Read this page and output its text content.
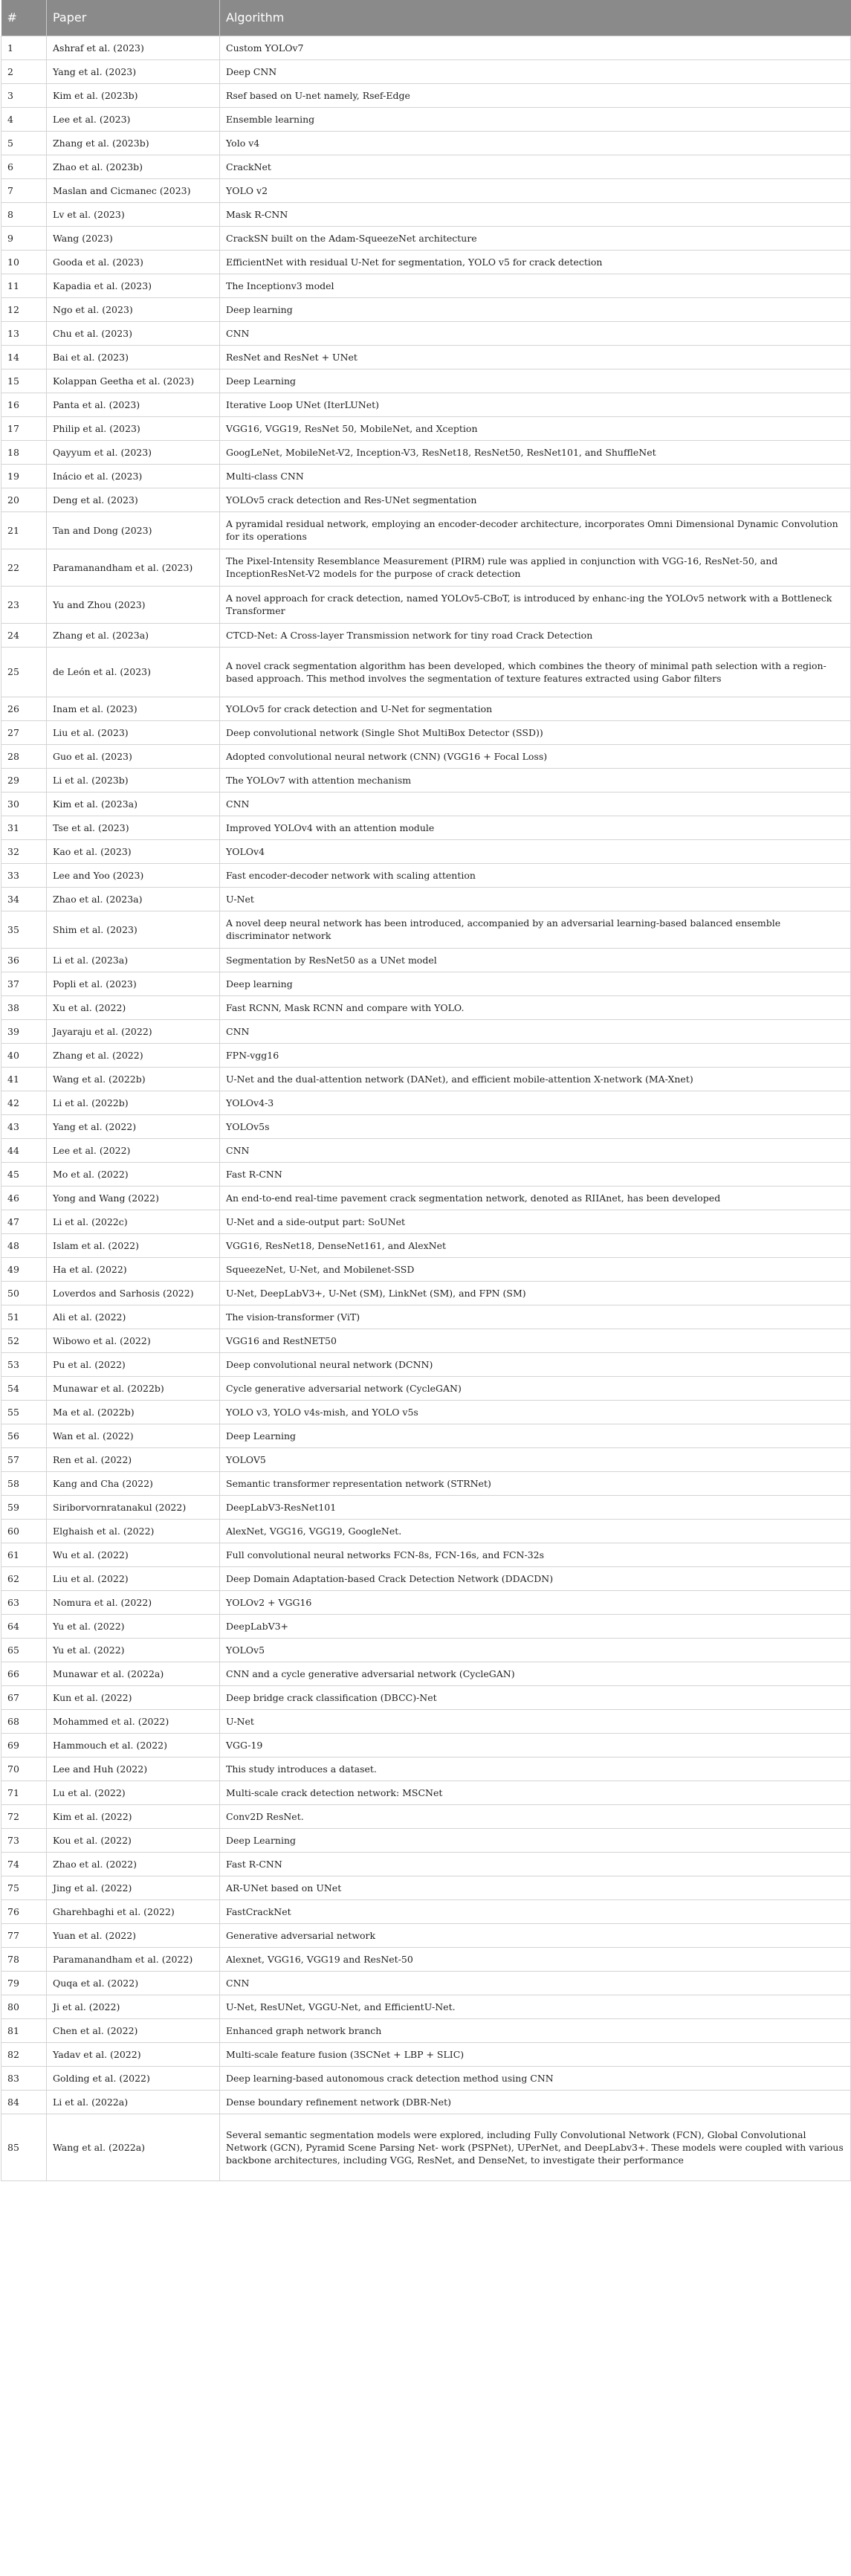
#	Paper	Algorithm
1	Ashraf et al. (2023)	Custom YOLOv7
2	Yang et al. (2023)	Deep CNN
3	Kim et al. (2023b)	Rsef based on U-net namely, Rsef-Edge
4	Lee et al. (2023)	Ensemble learning
5	Zhang et al. (2023b)	Yolo v4
6	Zhao et al. (2023b)	CrackNet
7	Maslan and Cicmanec (2023)	YOLO v2
8	Lv et al. (2023)	Mask R-CNN
9	Wang (2023)	CrackSN built on the Adam-SqueezeNet architecture
10	Gooda et al. (2023)	EfficientNet with residual U-Net for segmentation, YOLO v5 for crack detection
11	Kapadia et al. (2023)	The Inceptionv3 model
12	Ngo et al. (2023)	Deep learning
13	Chu et al. (2023)	CNN
14	Bai et al. (2023)	ResNet and ResNet + UNet
15	Kolappan Geetha et al. (2023)	Deep Learning
16	Panta et al. (2023)	Iterative Loop UNet (IterLUNet)
17	Philip et al. (2023)	VGG16, VGG19, ResNet 50, MobileNet, and Xception
18	Qayyum et al. (2023)	GoogLeNet, MobileNet-V2, Inception-V3, ResNet18, ResNet50, ResNet101, and ShuffleNet
19	Inácio et al. (2023)	Multi-class CNN
20	Deng et al. (2023)	YOLOv5 crack detection and Res-UNet segmentation
21	Tan and Dong (2023)	A pyramidal residual network, employing an encoder-decoder architecture, incorporates Omni Dimensional Dynamic Convolution for its operations
22	Paramanandham et al. (2023)	The Pixel-Intensity Resemblance Measurement (PIRM) rule was applied in conjunction with VGG-16, ResNet-50, and InceptionResNet-V2 models for the purpose of crack detection
23	Yu and Zhou (2023)	A novel approach for crack detection, named YOLOv5-CBoT, is introduced by enhanc-ing the YOLOv5 network with a Bottleneck Transformer
24	Zhang et al. (2023a)	CTCD-Net: A Cross-layer Transmission network for tiny road Crack Detection
25	de León et al. (2023)	A novel crack segmentation algorithm has been developed, which combines the theory of minimal path selection with a region-based approach. This method involves the segmentation of texture features extracted using Gabor filters
26	Inam et al. (2023)	YOLOv5 for crack detection and U-Net for segmentation
27	Liu et al. (2023)	Deep convolutional network (Single Shot MultiBox Detector (SSD))
28	Guo et al. (2023)	Adopted convolutional neural network (CNN) (VGG16 + Focal Loss)
29	Li et al. (2023b)	The YOLOv7 with attention mechanism
30	Kim et al. (2023a)	CNN
31	Tse et al. (2023)	Improved YOLOv4 with an attention module
32	Kao et al. (2023)	YOLOv4
33	Lee and Yoo (2023)	Fast encoder-decoder network with scaling attention
34	Zhao et al. (2023a)	U-Net
35	Shim et al. (2023)	A novel deep neural network has been introduced, accompanied by an adversarial learning-based balanced ensemble discriminator network
36	Li et al. (2023a)	Segmentation by ResNet50 as a UNet model
37	Popli et al. (2023)	Deep learning
38	Xu et al. (2022)	Fast RCNN, Mask RCNN and compare with YOLO.
39	Jayaraju et al. (2022)	CNN
40	Zhang et al. (2022)	FPN-vgg16
41	Wang et al. (2022b)	U-Net and the dual-attention network (DANet), and efficient mobile-attention X-network (MA-Xnet)
42	Li et al. (2022b)	YOLOv4-3
43	Yang et al. (2022)	YOLOv5s
44	Lee et al. (2022)	CNN
45	Mo et al. (2022)	Fast R-CNN
46	Yong and Wang (2022)	An end-to-end real-time pavement crack segmentation network, denoted as RIIAnet, has been developed
47	Li et al. (2022c)	U-Net and a side-output part: SoUNet
48	Islam et al. (2022)	VGG16, ResNet18, DenseNet161, and AlexNet
49	Ha et al. (2022)	SqueezeNet, U-Net, and Mobilenet-SSD
50	Loverdos and Sarhosis (2022)	U-Net, DeepLabV3+, U-Net (SM), LinkNet (SM), and FPN (SM)
51	Ali et al. (2022)	The vision-transformer (ViT)
52	Wibowo et al. (2022)	VGG16 and RestNET50
53	Pu et al. (2022)	Deep convolutional neural network (DCNN)
54	Munawar et al. (2022b)	Cycle generative adversarial network (CycleGAN)
55	Ma et al. (2022b)	YOLO v3, YOLO v4s-mish, and YOLO v5s
56	Wan et al. (2022)	Deep Learning
57	Ren et al. (2022)	YOLOV5
58	Kang and Cha (2022)	Semantic transformer representation network (STRNet)
59	Siriborvornratanakul (2022)	DeepLabV3-ResNet101
60	Elghaish et al. (2022)	AlexNet, VGG16, VGG19, GoogleNet.
61	Wu et al. (2022)	Full convolutional neural networks FCN-8s, FCN-16s, and FCN-32s
62	Liu et al. (2022)	Deep Domain Adaptation-based Crack Detection Network (DDACDN)
63	Nomura et al. (2022)	YOLOv2 + VGG16
64	Yu et al. (2022)	DeepLabV3+
65	Yu et al. (2022)	YOLOv5
66	Munawar et al. (2022a)	CNN and a cycle generative adversarial network (CycleGAN)
67	Kun et al. (2022)	Deep bridge crack classification (DBCC)-Net
68	Mohammed et al. (2022)	U-Net
69	Hammouch et al. (2022)	VGG-19
70	Lee and Huh (2022)	This study introduces a dataset.
71	Lu et al. (2022)	Multi-scale crack detection network: MSCNet
72	Kim et al. (2022)	Conv2D ResNet.
73	Kou et al. (2022)	Deep Learning
74	Zhao et al. (2022)	Fast R-CNN
75	Jing et al. (2022)	AR-UNet based on UNet
76	Gharehbaghi et al. (2022)	FastCrackNet
77	Yuan et al. (2022)	Generative adversarial network
78	Paramanandham et al. (2022)	Alexnet, VGG16, VGG19 and ResNet-50
79	Quqa et al. (2022)	CNN
80	Ji et al. (2022)	U-Net, ResUNet, VGGU-Net, and EfficientU-Net.
81	Chen et al. (2022)	Enhanced graph network branch
82	Yadav et al. (2022)	Multi-scale feature fusion (3SCNet + LBP + SLIC)
83	Golding et al. (2022)	Deep learning-based autonomous crack detection method using CNN
84	Li et al. (2022a)	Dense boundary refinement network (DBR-Net)
85	Wang et al. (2022a)	Several semantic segmentation models were explored, including Fully Convolutional Network (FCN), Global Convolutional Network (GCN), Pyramid Scene Parsing Net- work (PSPNet), UPerNet, and DeepLabv3+. These models were coupled with various backbone architectures, including VGG, ResNet, and DenseNet, to investigate their performance
